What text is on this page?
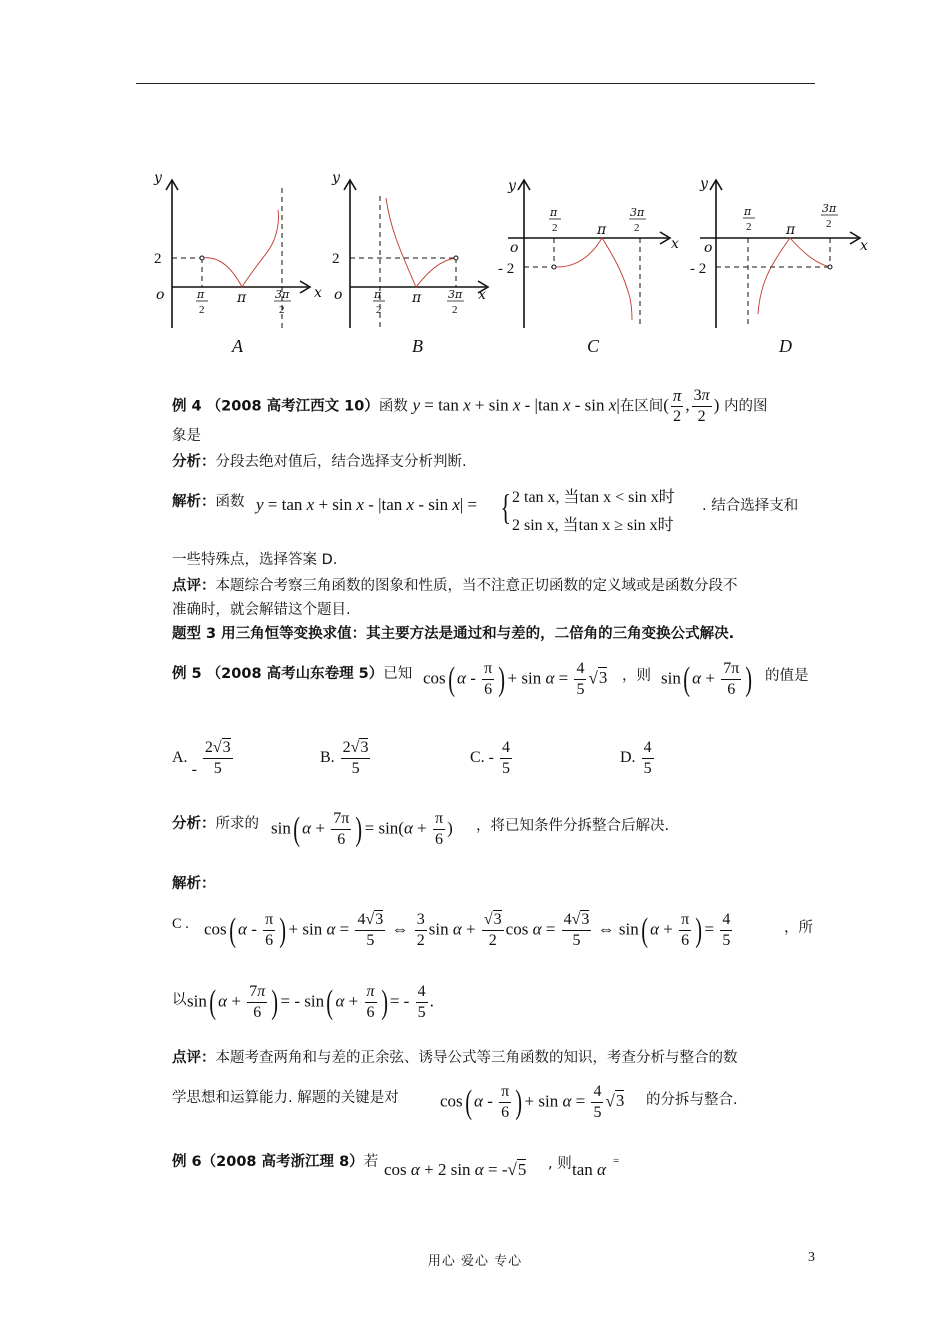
y
x
o
2
π
2
π	3π
2
A
y
x
o
2
π
2
π 3π
2
B
y
x
o
- 2
π
2	π
3π
2
C
y
x
o
- 2
π
2 π
3π
2
D
例 4 （2008 高考江西文 10）函数 y = tan x + sin x - |tan x - sin x|在区间( $\frac{\pi}{2}$ , $\frac{3\pi}{2}$ ) 内的图
象是
分析：分段去绝对值后，结合选择支分析判断.
解析：函数 y = tan x + sin x - |tan x - sin x| = { 2 tan x, 当tan x < sin x时
2 sin x, 当tan x ≥ sin x时
. 结合选择支和
一些特殊点，选择答案 D.
点评：本题综合考察三角函数的图象和性质，当不注意正切函数的定义域或是函数分段不
准确时，就会解错这个题目.
题型 3 用三角恒等变换求值：其主要方法是通过和与差的，二倍角的三角变换公式解决.
例 5 （2008 高考山东卷理 5）已知 cos( α - $\frac{\pi}{6}$ ) + $\sin \alpha = \frac{4}{5} √3$ ，则 sin( $\alpha + \frac{7\pi}{6}$ ) 的值是
A. - $\frac{2√3}{5}$	B. $\frac{2√3}{5}$	C. - $\frac{4}{5}$	D. $\frac{4}{5}$
分析：所求的 sin( $\alpha + \frac{7\pi}{6}$ ) = $\sin(\alpha + \frac{\pi}{6}$ ) ，将已知条件分拆整合后解决.
解析：
C . cos( α - $\frac{\pi}{6}$ ) + $\sin \alpha = \frac{4√3}{5}$ ⇔ $\frac{3}{2}$ $\sin \alpha + \frac{√3}{2}$ $\cos \alpha = \frac{4√3}{5}$ ⇔ sin( $\alpha + \frac{\pi}{6}$ ) = $\frac{4}{5}$	，所
以 sin( $\alpha + \frac{7\pi}{6}$ ) = - sin( $\alpha + \frac{\pi}{6}$ ) = - $\frac{4}{5}$ .
点评：本题考查两角和与差的正余弦、诱导公式等三角函数的知识，考查分析与整合的数
学思想和运算能力. 解题的关键是对 cos( α - $\frac{\pi}{6}$ ) + $\sin \alpha = \frac{4}{5} √3$ 的分拆与整合.
例 6（2008 高考浙江理 8）若 cos α + 2 sin α = -√5 , 则 tan α =
用心 爱心 专心	3
